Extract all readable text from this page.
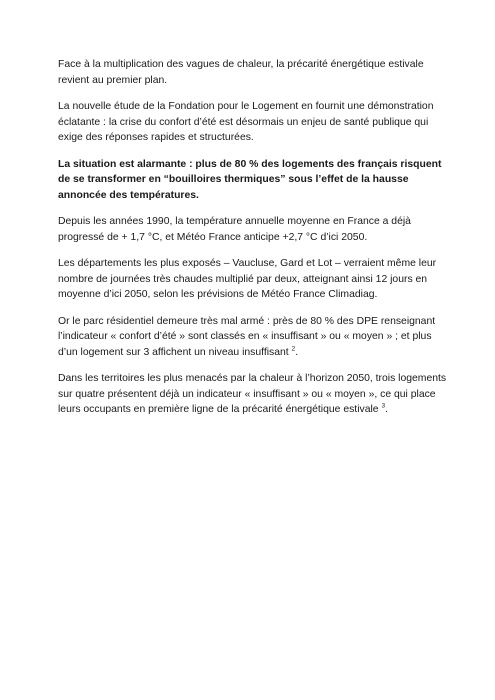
Face à la multiplication des vagues de chaleur, la précarité énergétique estivale revient au premier plan.

La nouvelle étude de la Fondation pour le Logement en fournit une démonstration éclatante : la crise du confort d’été est désormais un enjeu de santé publique qui exige des réponses rapides et structurées.

La situation est alarmante : plus de 80 % des logements des français risquent de se transformer en “bouilloires thermiques” sous l’effet de la hausse annoncée des températures.

Depuis les années 1990, la température annuelle moyenne en France a déjà progressé de + 1,7 °C, et Météo France anticipe +2,7 °C d’ici 2050.

Les départements les plus exposés – Vaucluse, Gard et Lot – verraient même leur nombre de journées très chaudes multiplié par deux, atteignant ainsi 12 jours en moyenne d’ici 2050, selon les prévisions de Météo France Climadiag.

Or le parc résidentiel demeure très mal armé : près de 80 % des DPE renseignant l’indicateur « confort d’été » sont classés en « insuffisant » ou « moyen » ; et plus d’un logement sur 3 affichent un niveau insuffisant $^2$.

Dans les territoires les plus menacés par la chaleur à l’horizon 2050, trois logements sur quatre présentent déjà un indicateur « insuffisant » ou « moyen », ce qui place leurs occupants en première ligne de la précarité énergétique estivale $^3$.
